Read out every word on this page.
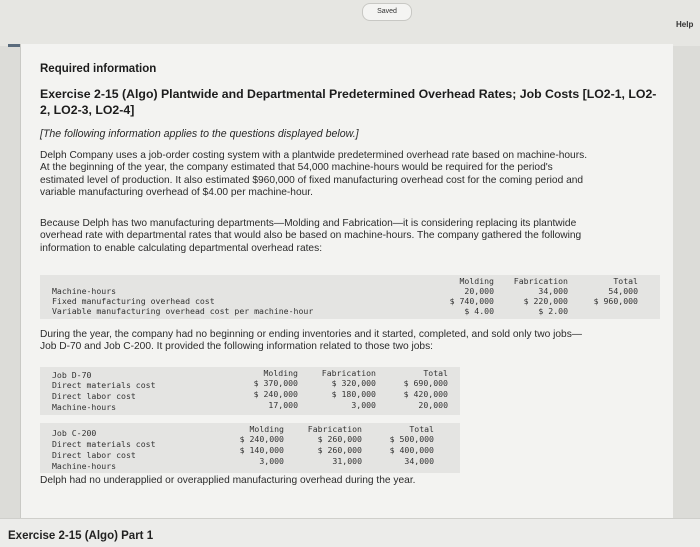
Saved
Help
Required information
Exercise 2-15 (Algo) Plantwide and Departmental Predetermined Overhead Rates; Job Costs [LO2-1, LO2-
2, LO2-3, LO2-4]
[The following information applies to the questions displayed below.]
Delph Company uses a job-order costing system with a plantwide predetermined overhead rate based on machine-hours.
At the beginning of the year, the company estimated that 54,000 machine-hours would be required for the period's
estimated level of production. It also estimated $960,000 of fixed manufacturing overhead cost for the coming period and
variable manufacturing overhead of $4.00 per machine-hour.
Because Delph has two manufacturing departments—Molding and Fabrication—it is considering replacing its plantwide
overhead rate with departmental rates that would also be based on machine-hours. The company gathered the following
information to enable calculating departmental overhead rates:
Molding	Fabrication	Total
Machine-hours	20,000	34,000	54,000
Fixed manufacturing overhead cost	$ 740,000	$ 220,000	$ 960,000
Variable manufacturing overhead cost per machine-hour	$ 4.00	$ 2.00
During the year, the company had no beginning or ending inventories and it started, completed, and sold only two jobs—
Job D-70 and Job C-200. It provided the following information related to those two jobs:
Job D-70	Molding	Fabrication	Total
Direct materials cost	$ 370,000	$ 320,000	$ 690,000
Direct labor cost	$ 240,000	$ 180,000	$ 420,000
Machine-hours	17,000	3,000	20,000
Job C-200	Molding	Fabrication	Total
Direct materials cost	$ 240,000	$ 260,000	$ 500,000
Direct labor cost	$ 140,000	$ 260,000	$ 400,000
Machine-hours	3,000	31,000	34,000
Delph had no underapplied or overapplied manufacturing overhead during the year.
Exercise 2-15 (Algo) Part 1
